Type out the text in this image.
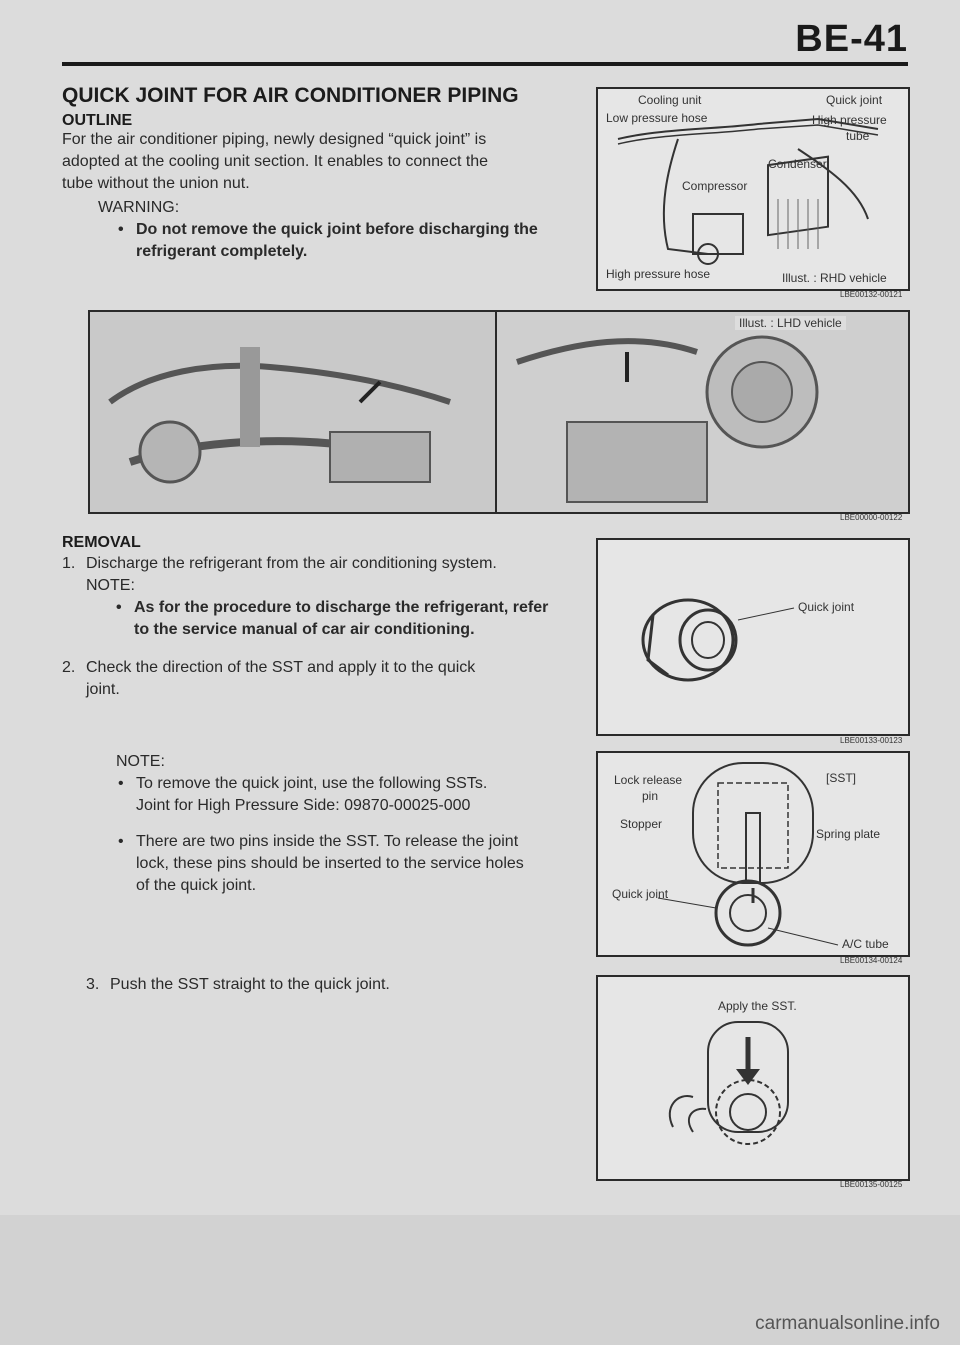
BE-41
QUICK JOINT FOR AIR CONDITIONER PIPING
OUTLINE
For the air conditioner piping, newly designed “quick joint” is
adopted at the cooling unit section. It enables to connect the
tube without the union nut.
WARNING:
• Do not remove the quick joint before discharging the
refrigerant completely.
Cooling unit	Quick joint
Low pressure hose	High pressure
tube
Condenser
Compressor
High pressure hose	Illust. : RHD vehicle
LBE00132-00121
Illust. : LHD vehicle
LBE00000-00122
REMOVAL
1. Discharge the refrigerant from the air conditioning system.
NOTE:
• As for the procedure to discharge the refrigerant, refer
to the service manual of car air conditioning.
2. Check the direction of the SST and apply it to the quick
joint.
Quick joint
LBE00133-00123
NOTE:
• To remove the quick joint, use the following SSTs.
Joint for High Pressure Side: 09870-00025-000
• There are two pins inside the SST. To release the joint
lock, these pins should be inserted to the service holes
of the quick joint.
Lock release
pin
[SST]
Stopper
Spring plate
Quick joint
A/C tube
LBE00134-00124
3. Push the SST straight to the quick joint.
Apply the SST.
LBE00135-00125
carmanualsonline.info
